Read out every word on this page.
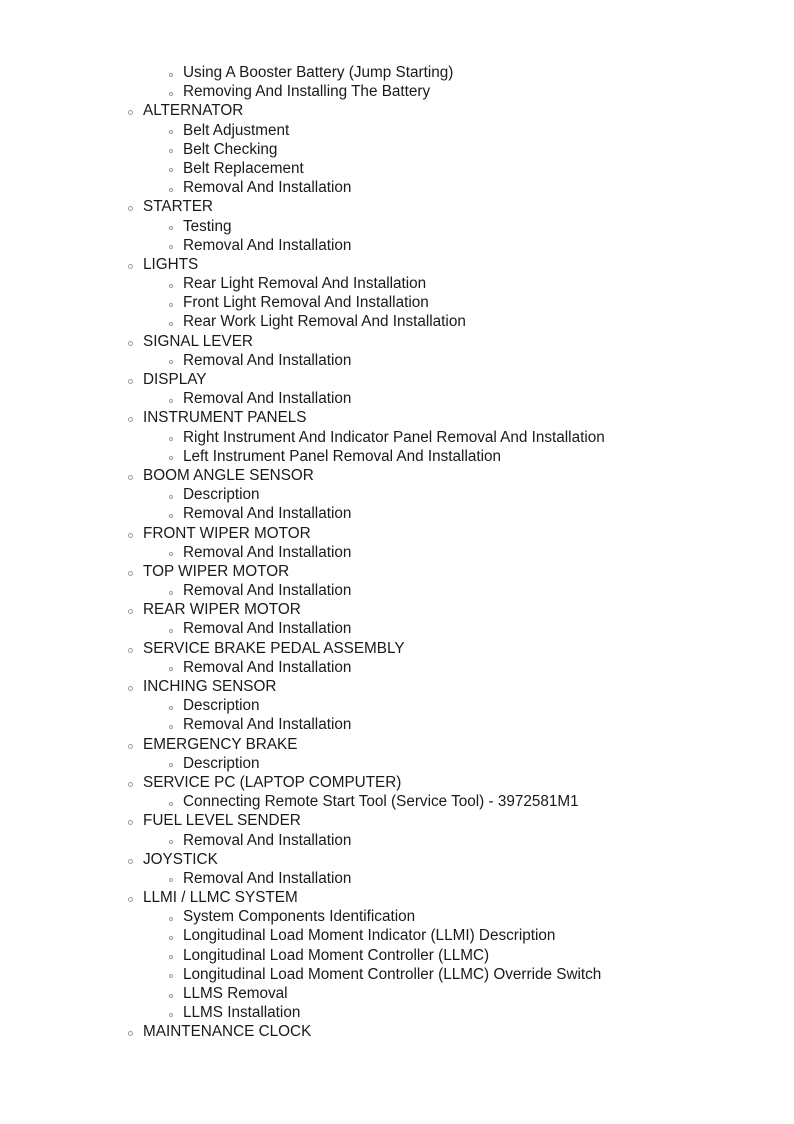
Using A Booster Battery (Jump Starting)
Removing And Installing The Battery
ALTERNATOR
Belt Adjustment
Belt Checking
Belt Replacement
Removal And Installation
STARTER
Testing
Removal And Installation
LIGHTS
Rear Light Removal And Installation
Front Light Removal And Installation
Rear Work Light Removal And Installation
SIGNAL LEVER
Removal And Installation
DISPLAY
Removal And Installation
INSTRUMENT PANELS
Right Instrument And Indicator Panel Removal And Installation
Left Instrument Panel Removal And Installation
BOOM ANGLE SENSOR
Description
Removal And Installation
FRONT WIPER MOTOR
Removal And Installation
TOP WIPER MOTOR
Removal And Installation
REAR WIPER MOTOR
Removal And Installation
SERVICE BRAKE PEDAL ASSEMBLY
Removal And Installation
INCHING SENSOR
Description
Removal And Installation
EMERGENCY BRAKE
Description
SERVICE PC (LAPTOP COMPUTER)
Connecting Remote Start Tool (Service Tool) - 3972581M1
FUEL LEVEL SENDER
Removal And Installation
JOYSTICK
Removal And Installation
LLMI / LLMC SYSTEM
System Components Identification
Longitudinal Load Moment Indicator (LLMI) Description
Longitudinal Load Moment Controller (LLMC)
Longitudinal Load Moment Controller (LLMC) Override Switch
LLMS Removal
LLMS Installation
MAINTENANCE CLOCK
